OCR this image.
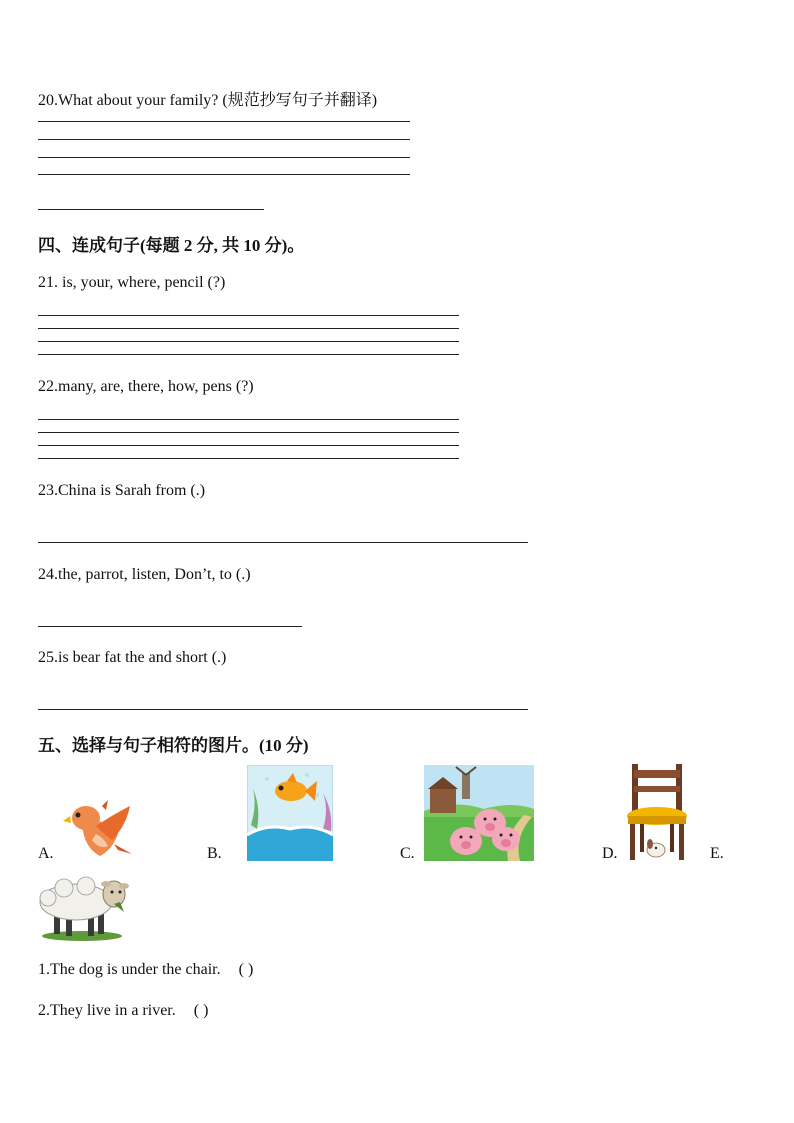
20.What about your family? (规范抄写句子并翻译)
四、连成句子(每题 2 分, 共 10 分)。
21. is, your, where, pencil (?)
22.many, are, there, how, pens (?)
23.China is Sarah from (.)
24.the, parrot, listen, Don’t, to (.)
25.is bear fat the and short (.)
五、选择与句子相符的图片。(10 分)
A.	B.	C.	D.	E.
1.The dog is under the chair. ( )
2.They live in a river. ( )
